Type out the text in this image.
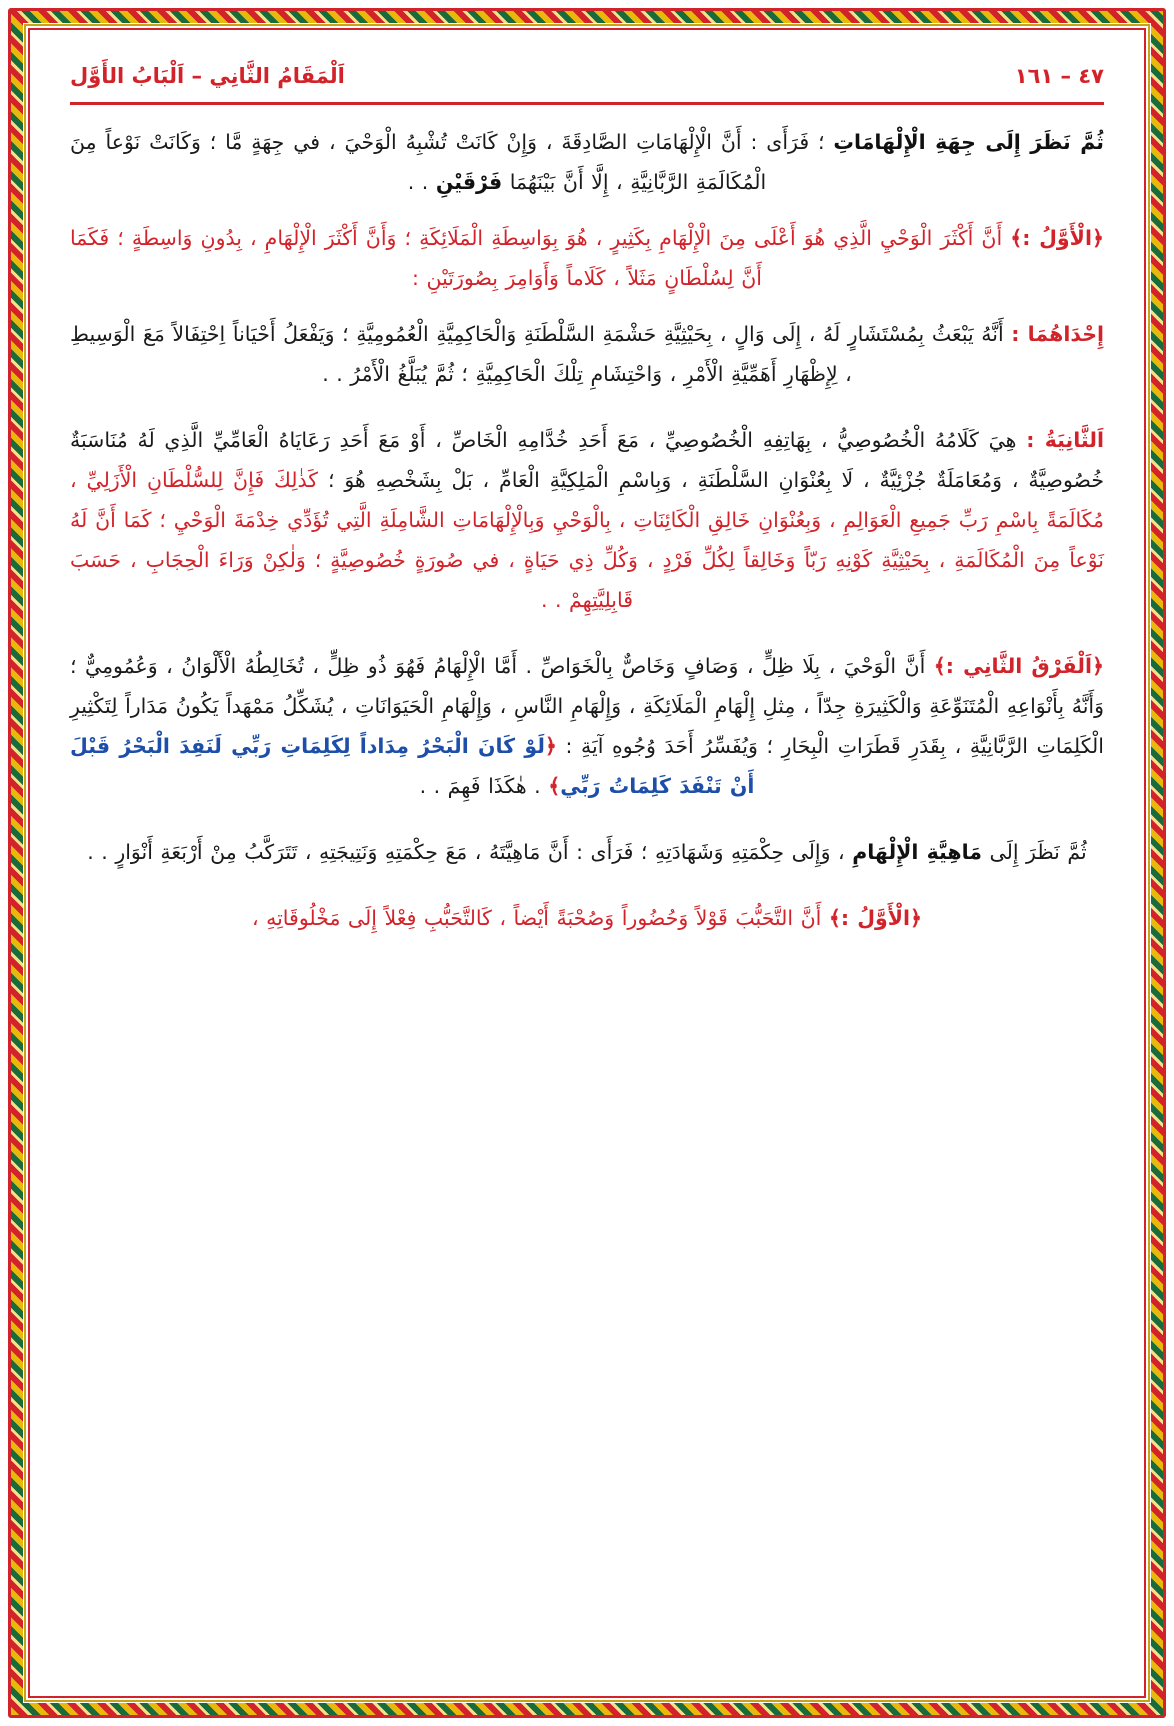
اَلْمَقَامُ الثَّانِي – اَلْبَابُ الأَوَّل	٤٧ – ١٦١

ثُمَّ نَظَرَ إِلَى جِهَةِ الْإِلْهَامَاتِ ؛ فَرَأَى : أَنَّ الْإِلْهَامَاتِ الصَّادِقَةَ ، وَإِنْ كَانَتْ تُشْبِهُ الْوَحْيَ ، في جِهَةٍ مَّا ؛ وَكَانَتْ نَوْعاً مِنَ الْمُكَالَمَةِ الرَّبَّانِيَّةِ ، إِلَّا أَنَّ بَيْنَهُمَا فَرْقَيْنِ . .

﴿الْأَوَّلُ :﴾ أَنَّ أَكْثَرَ الْوَحْيِ الَّذِي هُوَ أَعْلَى مِنَ الْإِلْهَامِ بِكَثِيرٍ ، هُوَ بِوَاسِطَةِ الْمَلَائِكَةِ ؛ وَأَنَّ أَكْثَرَ الْإِلْهَامِ ، بِدُونِ وَاسِطَةٍ ؛ فَكَمَا أَنَّ لِسُلْطَانٍ مَثَلاً ، كَلَاماً وَأَوَامِرَ بِصُورَتَيْنِ :

إِحْدَاهُمَا : أَنَّهُ يَبْعَثُ بِمُسْتَشَارٍ لَهُ ، إِلَى وَالٍ ، بِحَيْثِيَّةِ حَشْمَةِ السَّلْطَنَةِ وَالْحَاكِمِيَّةِ الْعُمُومِيَّةِ ؛ وَيَفْعَلُ أَحْيَاناً اِحْتِفَالاً مَعَ الْوَسِيطِ ، لِإِظْهَارِ أَهَمِّيَّةِ الْأَمْرِ ، وَاحْتِشَامِ تِلْكَ الْحَاكِمِيَّةِ ؛ ثُمَّ يُبَلَّغُ الْأَمْرُ . .

اَلثَّانِيَةُ : هِيَ كَلَامُهُ الْخُصُوصِيُّ ، بِهَاتِفِهِ الْخُصُوصِيِّ ، مَعَ أَحَدِ خُدَّامِهِ الْخَاصِّ ، أَوْ مَعَ أَحَدِ رَعَايَاهُ الْعَامِّيِّ الَّذِي لَهُ مُنَاسَبَةٌ خُصُوصِيَّةٌ ، وَمُعَامَلَةٌ جُزْئِيَّةٌ ، لَا بِعُنْوَانِ السَّلْطَنَةِ ، وَبِاسْمِ الْمَلِكِيَّةِ الْعَامِّ ، بَلْ بِشَخْصِهِ هُوَ ؛ كَذٰلِكَ فَإِنَّ لِلسُّلْطَانِ الْأَزَلِيِّ ، مُكَالَمَةً بِاسْمِ رَبِّ جَمِيعِ الْعَوَالِمِ ، وَبِعُنْوَانِ خَالِقِ الْكَائِنَاتِ ، بِالْوَحْيِ وَبِالْإِلْهَامَاتِ الشَّامِلَةِ الَّتِي تُؤَدِّي خِدْمَةَ الْوَحْيِ ؛ كَمَا أَنَّ لَهُ نَوْعاً مِنَ الْمُكَالَمَةِ ، بِحَيْثِيَّةِ كَوْنِهِ رَبّاً وَخَالِقاً لِكُلِّ فَرْدٍ ، وَكُلِّ ذِي حَيَاةٍ ، في صُورَةٍ خُصُوصِيَّةٍ ؛ وَلٰكِنْ وَرَاءَ الْحِجَابِ ، حَسَبَ قَابِلِيَّتِهِمْ . .

﴿اَلْفَرْقُ الثَّانِي :﴾ أَنَّ الْوَحْيَ ، بِلَا ظِلٍّ ، وَصَافٍ وَخَاصٌّ بِالْخَوَاصِّ . أَمَّا الْإِلْهَامُ فَهُوَ ذُو ظِلٍّ ، تُخَالِطُهُ الْأَلْوَانُ ، وَعُمُومِيٌّ ؛ وَأَنَّهُ بِأَنْوَاعِهِ الْمُتَنَوِّعَةِ وَالْكَثِيرَةِ جِدّاً ، مِثلِ إِلْهَامِ الْمَلَائِكَةِ ، وَإِلْهَامِ النَّاسِ ، وَإِلْهَامِ الْحَيَوَانَاتِ ، يُشَكِّلُ مَمْهَداً يَكُونُ مَدَاراً لِتَكْثِيرِ الْكَلِمَاتِ الرَّبَّانِيَّةِ ، بِقَدَرِ قَطَرَاتِ الْبِحَارِ ؛ وَيُفَسِّرُ أَحَدَ وُجُوهِ آيَةِ : ﴿لَوْ كَانَ الْبَحْرُ مِدَاداً لِكَلِمَاتِ رَبِّي لَنَفِدَ الْبَحْرُ قَبْلَ أَنْ تَنْفَدَ كَلِمَاتُ رَبِّي﴾ . هٰكَذَا فَهِمَ . .

ثُمَّ نَظَرَ إِلَى مَاهِيَّةِ الْإِلْهَامِ ، وَإِلَى حِكْمَتِهِ وَشَهَادَتِهِ ؛ فَرَأَى : أَنَّ مَاهِيَّتَهُ ، مَعَ حِكْمَتِهِ وَنَتِيجَتِهِ ، تَتَرَكَّبُ مِنْ أَرْبَعَةِ أَنْوَارٍ . .

﴿الْأَوَّلُ :﴾ أَنَّ التَّحَبُّبَ قَوْلاً وَحُضُوراً وَصُحْبَةً أَيْضاً ، كَالتَّحَبُّبِ فِعْلاً إِلَى مَخْلُوقَاتِهِ ،
